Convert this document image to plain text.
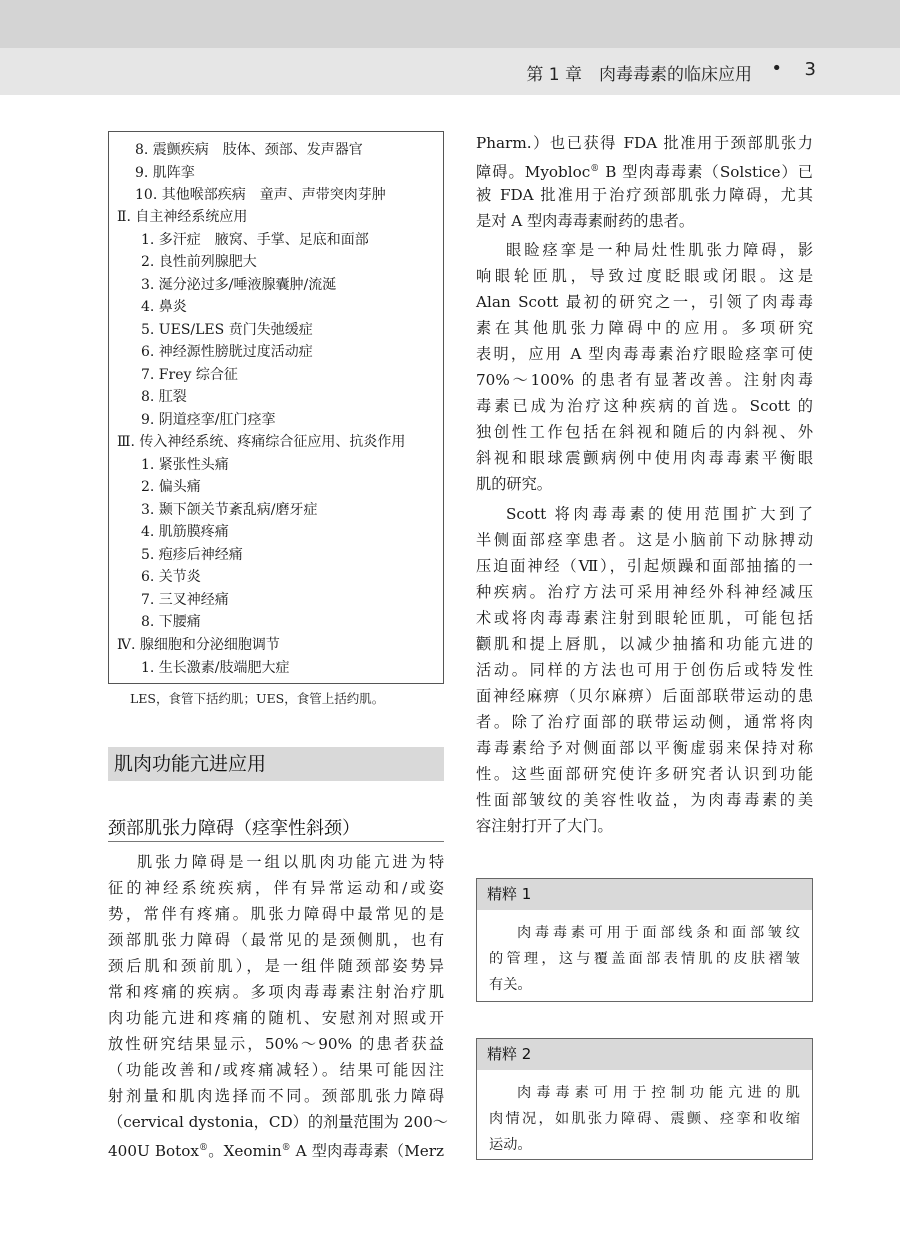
第 1 章　肉毒毒素的临床应用 • 3
8. 震颤疾病　肢体、颈部、发声器官
9. 肌阵挛
10. 其他喉部疾病　童声、声带突肉芽肿
Ⅱ. 自主神经系统应用
1. 多汗症　腋窝、手掌、足底和面部
2. 良性前列腺肥大
3. 涎分泌过多/唾液腺囊肿/流涎
4. 鼻炎
5. UES/LES 贲门失弛缓症
6. 神经源性膀胱过度活动症
7. Frey 综合征
8. 肛裂
9. 阴道痉挛/肛门痉挛
Ⅲ. 传入神经系统、疼痛综合征应用、抗炎作用
1. 紧张性头痛
2. 偏头痛
3. 颞下颌关节紊乱病/磨牙症
4. 肌筋膜疼痛
5. 疱疹后神经痛
6. 关节炎
7. 三叉神经痛
8. 下腰痛
Ⅳ. 腺细胞和分泌细胞调节
1. 生长激素/肢端肥大症
LES，食管下括约肌；UES，食管上括约肌。
肌肉功能亢进应用
颈部肌张力障碍（痉挛性斜颈）
肌张力障碍是一组以肌肉功能亢进为特
征的神经系统疾病，伴有异常运动和/或姿
势，常伴有疼痛。肌张力障碍中最常见的是
颈部肌张力障碍（最常见的是颈侧肌，也有
颈后肌和颈前肌），是一组伴随颈部姿势异
常和疼痛的疾病。多项肉毒毒素注射治疗肌
肉功能亢进和疼痛的随机、安慰剂对照或开
放性研究结果显示，50%～90% 的患者获益
（功能改善和/或疼痛减轻）。结果可能因注
射剂量和肌肉选择而不同。颈部肌张力障碍
（cervical dystonia，CD）的剂量范围为 200～
400U Botox®。Xeomin® A 型肉毒毒素（Merz
Pharm.）也已获得 FDA 批准用于颈部肌张力
障碍。Myobloc® B 型肉毒毒素（Solstice）已
被 FDA 批准用于治疗颈部肌张力障碍，尤其
是对 A 型肉毒毒素耐药的患者。
眼睑痉挛是一种局灶性肌张力障碍，影
响眼轮匝肌，导致过度眨眼或闭眼。这是
Alan Scott 最初的研究之一，引领了肉毒毒
素在其他肌张力障碍中的应用。多项研究
表明，应用 A 型肉毒毒素治疗眼睑痉挛可使
70%～100% 的患者有显著改善。注射肉毒
毒素已成为治疗这种疾病的首选。Scott 的
独创性工作包括在斜视和随后的内斜视、外
斜视和眼球震颤病例中使用肉毒毒素平衡眼
肌的研究。
Scott 将肉毒毒素的使用范围扩大到了
半侧面部痉挛患者。这是小脑前下动脉搏动
压迫面神经（Ⅶ），引起烦躁和面部抽搐的一
种疾病。治疗方法可采用神经外科神经减压
术或将肉毒毒素注射到眼轮匝肌，可能包括
颧肌和提上唇肌，以减少抽搐和功能亢进的
活动。同样的方法也可用于创伤后或特发性
面神经麻痹（贝尔麻痹）后面部联带运动的患
者。除了治疗面部的联带运动侧，通常将肉
毒毒素给予对侧面部以平衡虚弱来保持对称
性。这些面部研究使许多研究者认识到功能
性面部皱纹的美容性收益，为肉毒毒素的美
容注射打开了大门。
精粹 1
肉毒毒素可用于面部线条和面部皱纹
的管理，这与覆盖面部表情肌的皮肤褶皱
有关。
精粹 2
肉毒毒素可用于控制功能亢进的肌
肉情况，如肌张力障碍、震颤、痉挛和收缩
运动。
